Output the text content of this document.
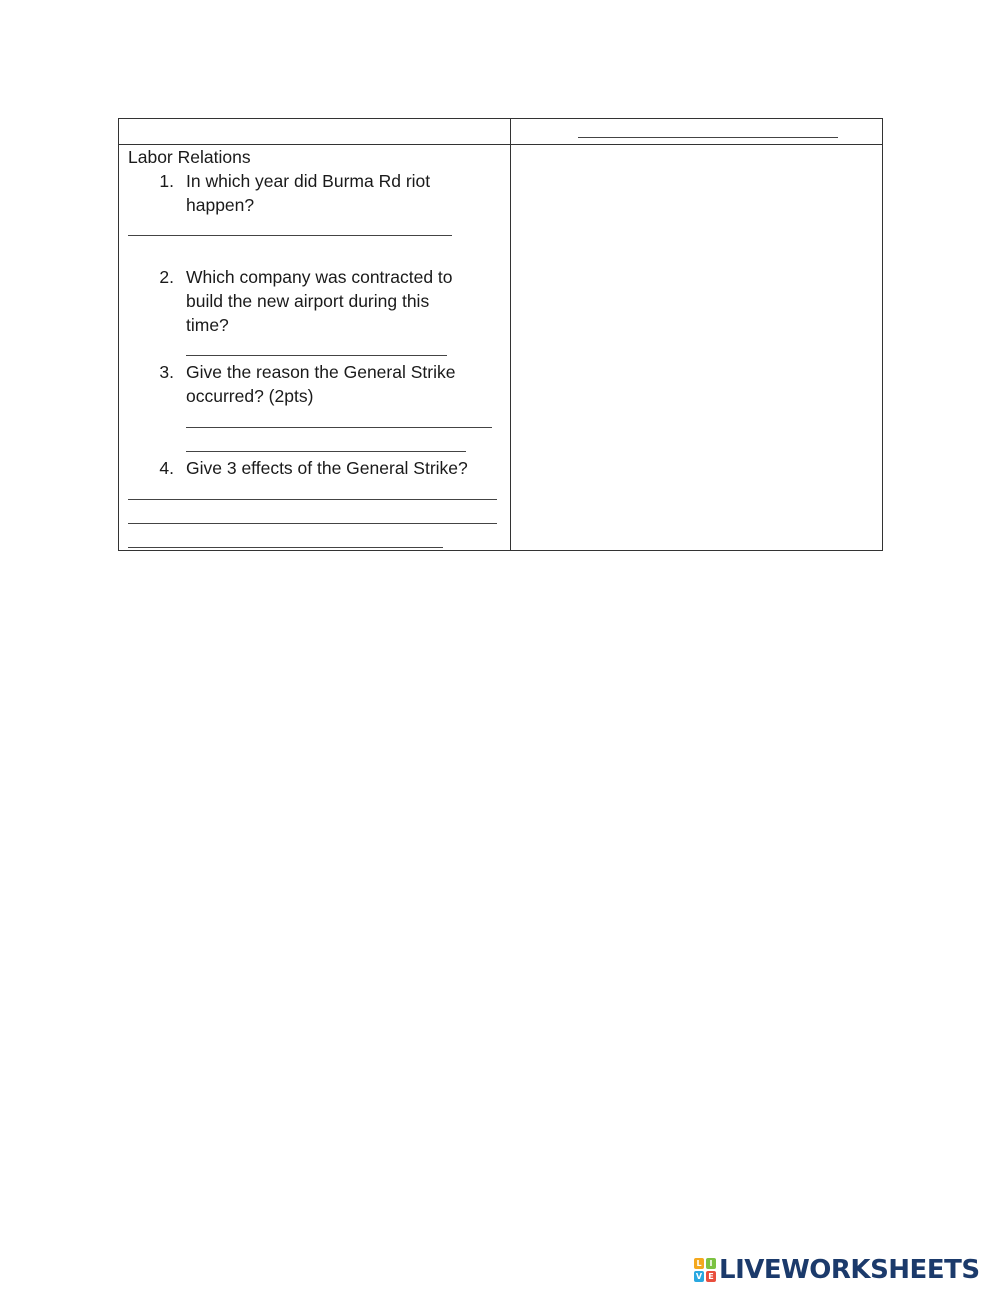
Labor Relations
1. In which year did Burma Rd riot
happen?
2. Which company was contracted to
build the new airport during this
time?
3. Give the reason the General Strike
occurred? (2pts)
4. Give 3 effects of the General Strike?
L I
V E LIVEWORKSHEETS
